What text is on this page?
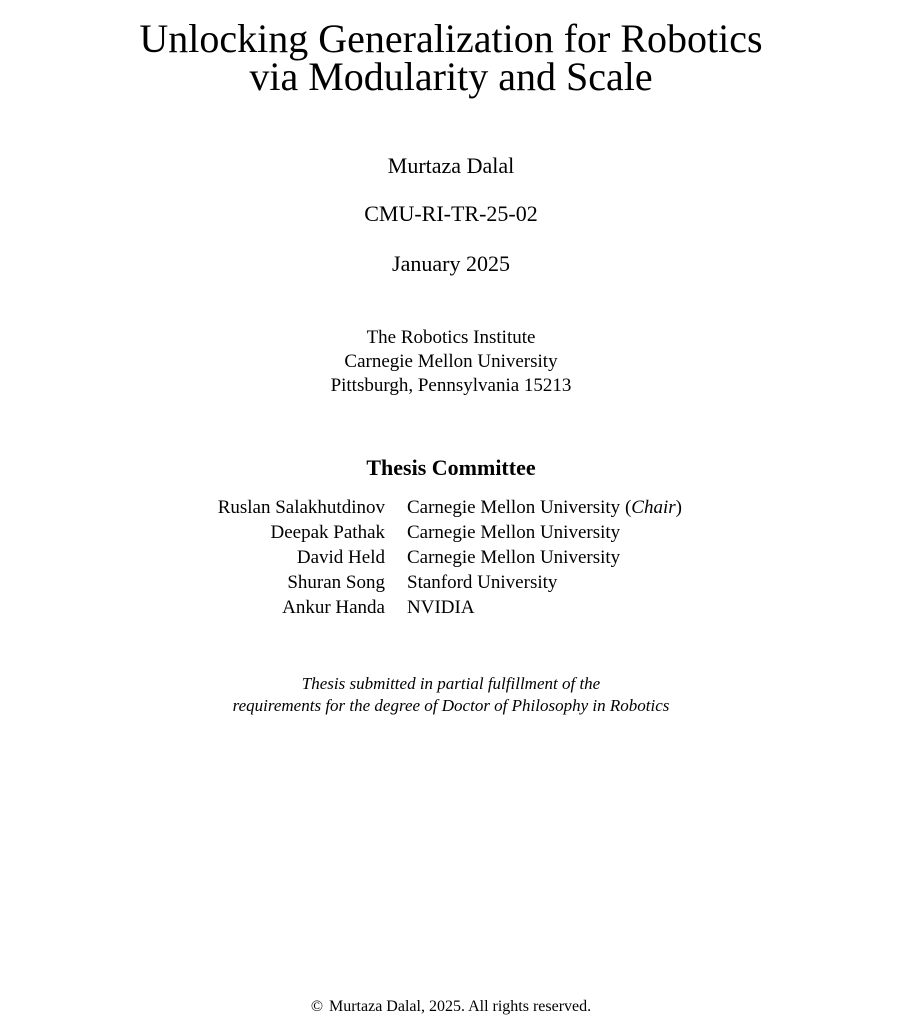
Unlocking Generalization for Robotics
via Modularity and Scale
Murtaza Dalal
CMU-RI-TR-25-02
January 2025
The Robotics Institute
Carnegie Mellon University
Pittsburgh, Pennsylvania 15213
Thesis Committee
Ruslan Salakhutdinov Carnegie Mellon University (Chair)
Deepak Pathak Carnegie Mellon University
David Held Carnegie Mellon University
Shuran Song Stanford University
Ankur Handa NVIDIA
Thesis submitted in partial fulfillment of the
requirements for the degree of Doctor of Philosophy in Robotics
© Murtaza Dalal, 2025. All rights reserved.
